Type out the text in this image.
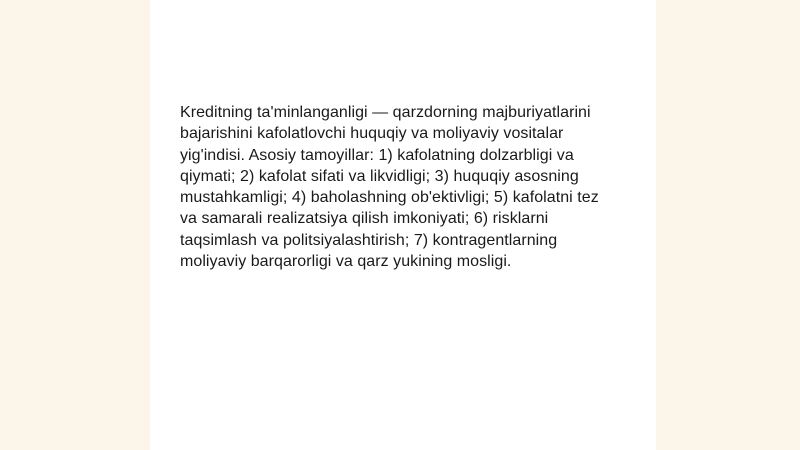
Kreditning ta'minlanganligi — qarzdorning majburiyatlarini bajarishini kafolatlovchi huquqiy va moliyaviy vositalar yig'indisi. Asosiy tamoyillar: 1) kafolatning dolzarbligi va qiymati; 2) kafolat sifati va likvidligi; 3) huquqiy asosning mustahkamligi; 4) baholashning ob'ektivligi; 5) kafolatni tez va samarali realizatsiya qilish imkoniyati; 6) risklarni taqsimlash va politsiyalashtirish; 7) kontragentlarning moliyaviy barqarorligi va qarz yukining mosligi.
